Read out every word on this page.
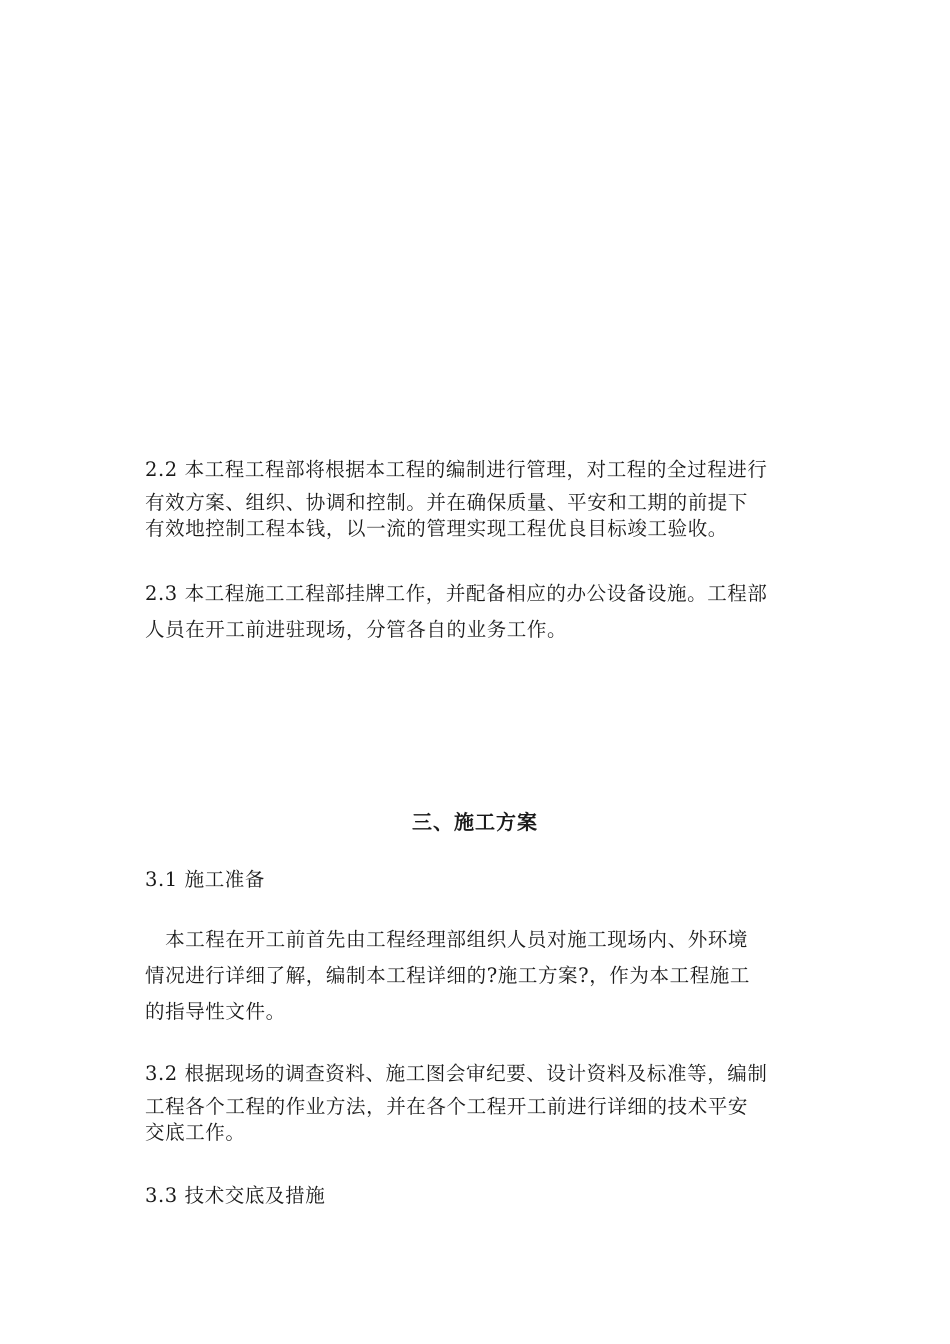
2.2 本工程工程部将根据本工程的编制进行管理，对工程的全过程进行
有效方案、组织、协调和控制。并在确保质量、平安和工期的前提下
有效地控制工程本钱，以一流的管理实现工程优良目标竣工验收。

2.3 本工程施工工程部挂牌工作，并配备相应的办公设备设施。工程部
人员在开工前进驻现场，分管各自的业务工作。

三、施工方案

3.1 施工准备

　本工程在开工前首先由工程经理部组织人员对施工现场内、外环境
情况进行详细了解，编制本工程详细的?施工方案?，作为本工程施工
的指导性文件。

3.2 根据现场的调查资料、施工图会审纪要、设计资料及标准等，编制
工程各个工程的作业方法，并在各个工程开工前进行详细的技术平安
交底工作。

3.3 技术交底及措施
